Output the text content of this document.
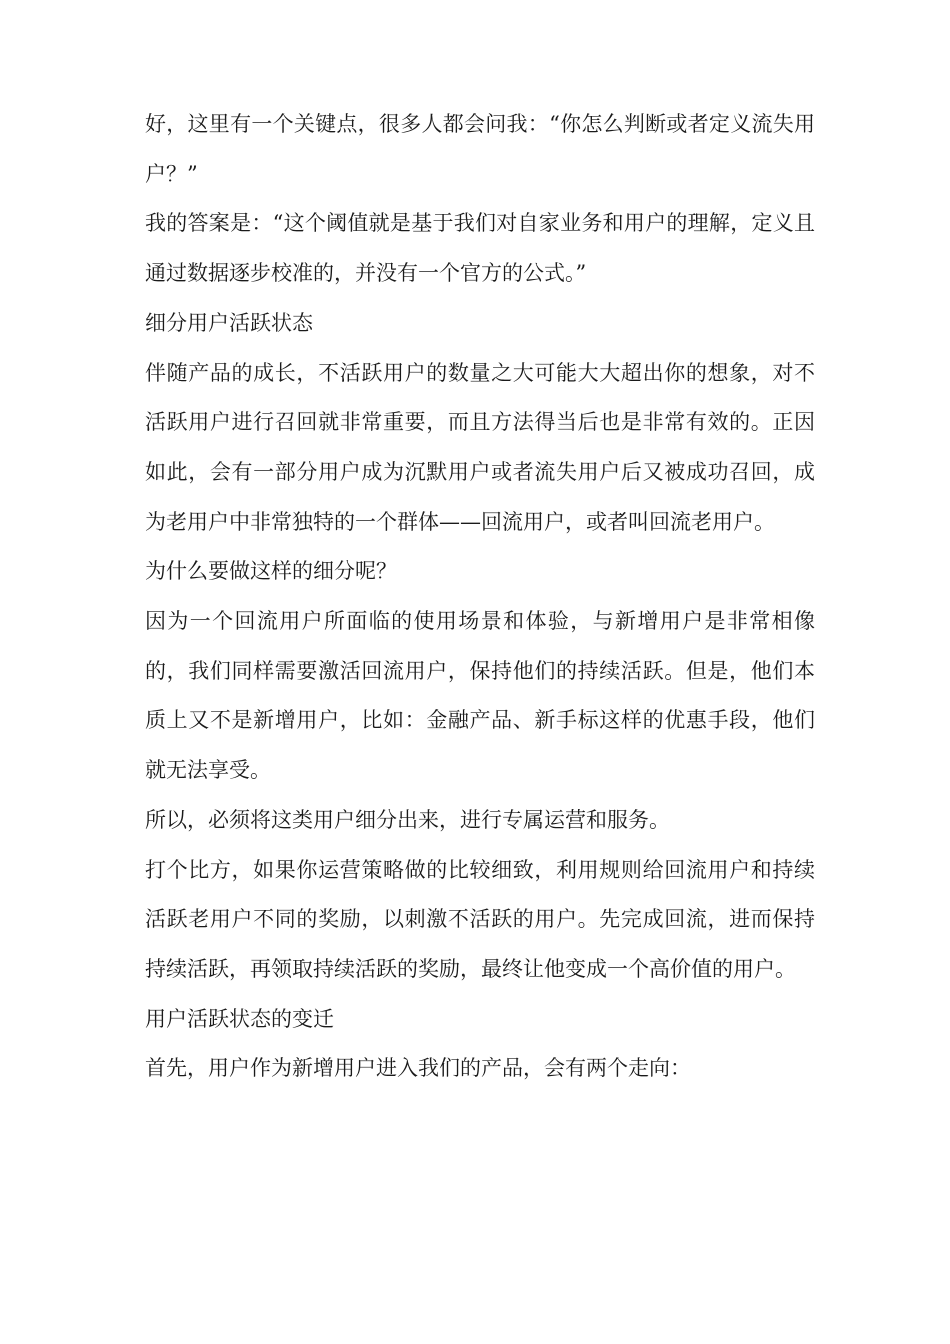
好，这里有一个关键点，很多人都会问我：“你怎么判断或者定义流失用户？”

我的答案是：“这个阈值就是基于我们对自家业务和用户的理解，定义且通过数据逐步校准的，并没有一个官方的公式。”

细分用户活跃状态

伴随产品的成长，不活跃用户的数量之大可能大大超出你的想象，对不活跃用户进行召回就非常重要，而且方法得当后也是非常有效的。正因如此，会有一部分用户成为沉默用户或者流失用户后又被成功召回，成为老用户中非常独特的一个群体——回流用户，或者叫回流老用户。

为什么要做这样的细分呢？

因为一个回流用户所面临的使用场景和体验，与新增用户是非常相像的，我们同样需要激活回流用户，保持他们的持续活跃。但是，他们本质上又不是新增用户，比如：金融产品、新手标这样的优惠手段，他们就无法享受。

所以，必须将这类用户细分出来，进行专属运营和服务。

打个比方，如果你运营策略做的比较细致，利用规则给回流用户和持续活跃老用户不同的奖励，以刺激不活跃的用户。先完成回流，进而保持持续活跃，再领取持续活跃的奖励，最终让他变成一个高价值的用户。

用户活跃状态的变迁

首先，用户作为新增用户进入我们的产品，会有两个走向：
